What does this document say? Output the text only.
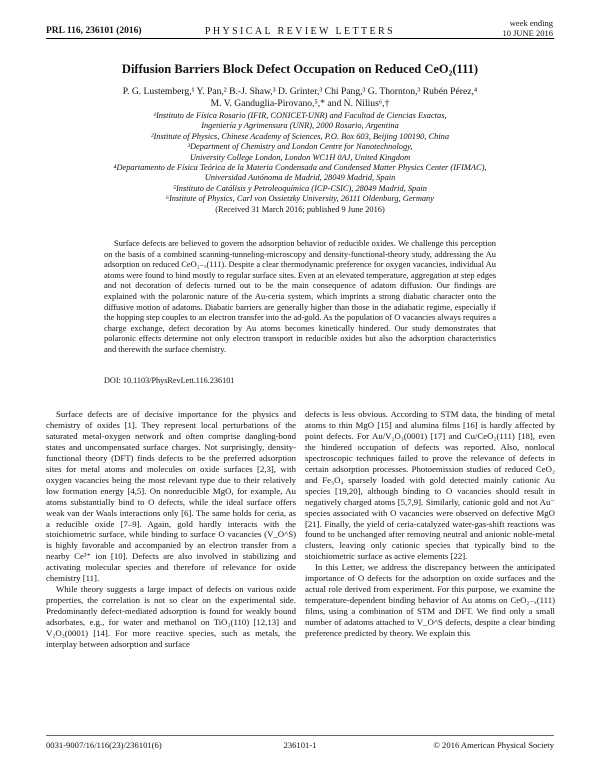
PRL 116, 236101 (2016)	PHYSICAL REVIEW LETTERS
week ending
10 JUNE 2016
Diffusion Barriers Block Defect Occupation on Reduced CeO₂(111)
P. G. Lustemberg,¹ Y. Pan,² B.-J. Shaw,³ D. Grinter,³ Chi Pang,³ G. Thornton,³ Rubén Pérez,⁴
M. V. Ganduglia-Pirovano,⁵,* and N. Nilius⁶,†
¹Instituto de Física Rosario (IFIR, CONICET-UNR) and Facultad de Ciencias Exactas,
Ingeniería y Agrimensura (UNR), 2000 Rosario, Argentina
²Institute of Physics, Chinese Academy of Sciences, P.O. Box 603, Beijing 100190, China
³Department of Chemistry and London Centre for Nanotechnology,
University College London, London WC1H 0AJ, United Kingdom
⁴Departamento de Física Teórica de la Materia Condensada and Condensed Matter Physics Center (IFIMAC),
Universidad Autónoma de Madrid, 28049 Madrid, Spain
⁵Instituto de Catálisis y Petroleoquímica (ICP-CSIC), 28049 Madrid, Spain
⁶Institute of Physics, Carl von Ossietzky University, 26111 Oldenburg, Germany
(Received 31 March 2016; published 9 June 2016)

Surface defects are believed to govern the adsorption behavior of reducible oxides. We challenge this perception on the basis of a combined scanning-tunneling-microscopy and density-functional-theory study, addressing the Au adsorption on reduced CeO₂₋ₓ(111). Despite a clear thermodynamic preference for oxygen vacancies, individual Au atoms were found to bind mostly to regular surface sites. Even at an elevated temperature, aggregation at step edges and not decoration of defects turned out to be the main consequence of adatom diffusion. Our findings are explained with the polaronic nature of the Au-ceria system, which imprints a strong diabatic character onto the diffusive motion of adatoms. Diabatic barriers are generally higher than those in the adiabatic regime, especially if the hopping step couples to an electron transfer into the ad-gold. As the population of O vacancies always requires a charge exchange, defect decoration by Au atoms becomes kinetically hindered. Our study demonstrates that polaronic effects determine not only electron transport in reducible oxides but also the adsorption characteristics and therewith the surface chemistry.

DOI: 10.1103/PhysRevLett.116.236101

Surface defects are of decisive importance for the physics and chemistry of oxides [1]. They represent local perturbations of the saturated metal-oxygen network and often comprise dangling-bond states and uncompensated surface charges. Not surprisingly, density-functional theory (DFT) finds defects to be the preferred adsorption sites for metal atoms and molecules on oxide surfaces [2,3], with oxygen vacancies being the most relevant type due to their relatively low formation energy [4,5]. On nonreducible MgO, for example, Au atoms substantially bind to O defects, while the ideal surface offers weak van der Waals interactions only [6]. The same holds for ceria, as a reducible oxide [7–9]. Again, gold hardly interacts with the stoichiometric surface, while binding to surface O vacancies (V_O^S) is highly favorable and accompanied by an electron transfer from a nearby Ce³⁺ ion [10]. Defects are also involved in stabilizing and activating molecular species and therefore of relevance for oxide chemistry [11].

While theory suggests a large impact of defects on various oxide properties, the correlation is not so clear on the experimental side. Predominantly defect-mediated adsorption is found for weakly bound adsorbates, e.g., for water and methanol on TiO₂(110) [12,13] and V₂O₃(0001) [14]. For more reactive species, such as metals, the interplay between adsorption and surface

defects is less obvious. According to STM data, the binding of metal atoms to thin MgO [15] and alumina films [16] is hardly affected by point defects. For Au/V₂O₃(0001) [17] and Cu/CeO₂(111) [18], even the hindered occupation of defects was reported. Also, nonlocal spectroscopic techniques failed to prove the relevance of defects in certain adsorption processes. Photoemission studies of reduced CeO₂ and Fe₃O₄ sparsely loaded with gold detected mainly cationic Au species [19,20], although binding to O vacancies should result in negatively charged atoms [5,7,9]. Similarly, cationic gold and not Au⁻ species associated with O vacancies were observed on defective MgO [21]. Finally, the yield of ceria-catalyzed water-gas-shift reactions was found to be unchanged after removing neutral and anionic noble-metal clusters, leaving only cationic species that typically bind to the stoichiometric surface as active elements [22].

In this Letter, we address the discrepancy between the anticipated importance of O defects for the adsorption on oxide surfaces and the actual role derived from experiment. For this purpose, we examine the temperature-dependent binding behavior of Au atoms on CeO₂₋ₓ(111) films, using a combination of STM and DFT. We find only a small number of adatoms attached to V_O^S defects, despite a clear binding preference predicted by theory. We explain this

0031-9007/16/116(23)/236101(6)	236101-1	© 2016 American Physical Society
